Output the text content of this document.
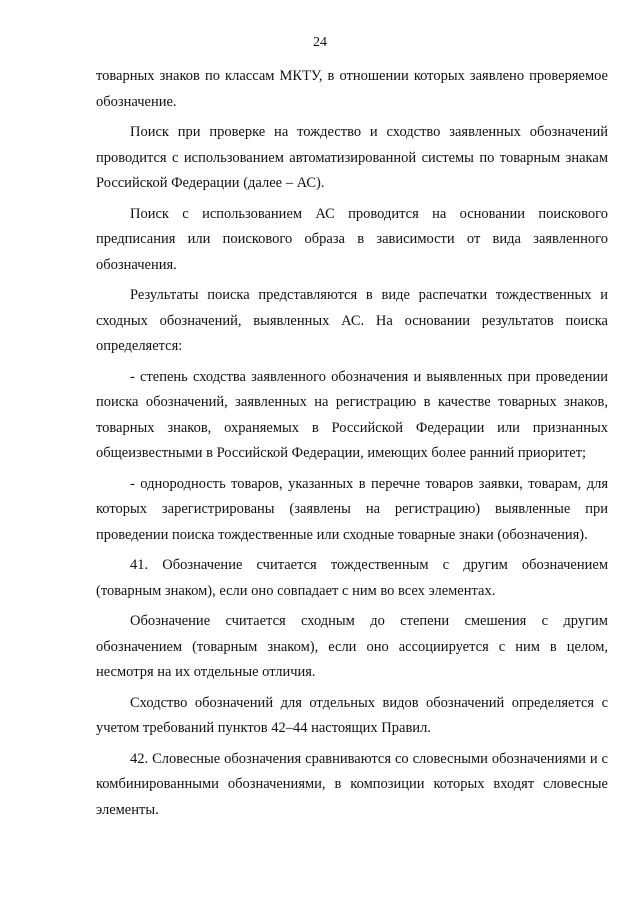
24

товарных знаков по классам МКТУ, в отношении которых заявлено проверяемое обозначение.

Поиск при проверке на тождество и сходство заявленных обозначений проводится с использованием автоматизированной системы по товарным знакам Российской Федерации (далее – АС).

Поиск с использованием АС проводится на основании поискового предписания или поискового образа в зависимости от вида заявленного обозначения.

Результаты поиска представляются в виде распечатки тождественных и сходных обозначений, выявленных АС. На основании результатов поиска определяется:

- степень сходства заявленного обозначения и выявленных при проведении поиска обозначений, заявленных на регистрацию в качестве товарных знаков, товарных знаков, охраняемых в Российской Федерации или признанных общеизвестными в Российской Федерации, имеющих более ранний приоритет;

- однородность товаров, указанных в перечне товаров заявки, товарам, для которых зарегистрированы (заявлены на регистрацию) выявленные при проведении поиска тождественные или сходные товарные знаки (обозначения).

41. Обозначение считается тождественным с другим обозначением (товарным знаком), если оно совпадает с ним во всех элементах.

Обозначение считается сходным до степени смешения с другим обозначением (товарным знаком), если оно ассоциируется с ним в целом, несмотря на их отдельные отличия.

Сходство обозначений для отдельных видов обозначений определяется с учетом требований пунктов 42–44 настоящих Правил.

42. Словесные обозначения сравниваются со словесными обозначениями и с комбинированными обозначениями, в композиции которых входят словесные элементы.
